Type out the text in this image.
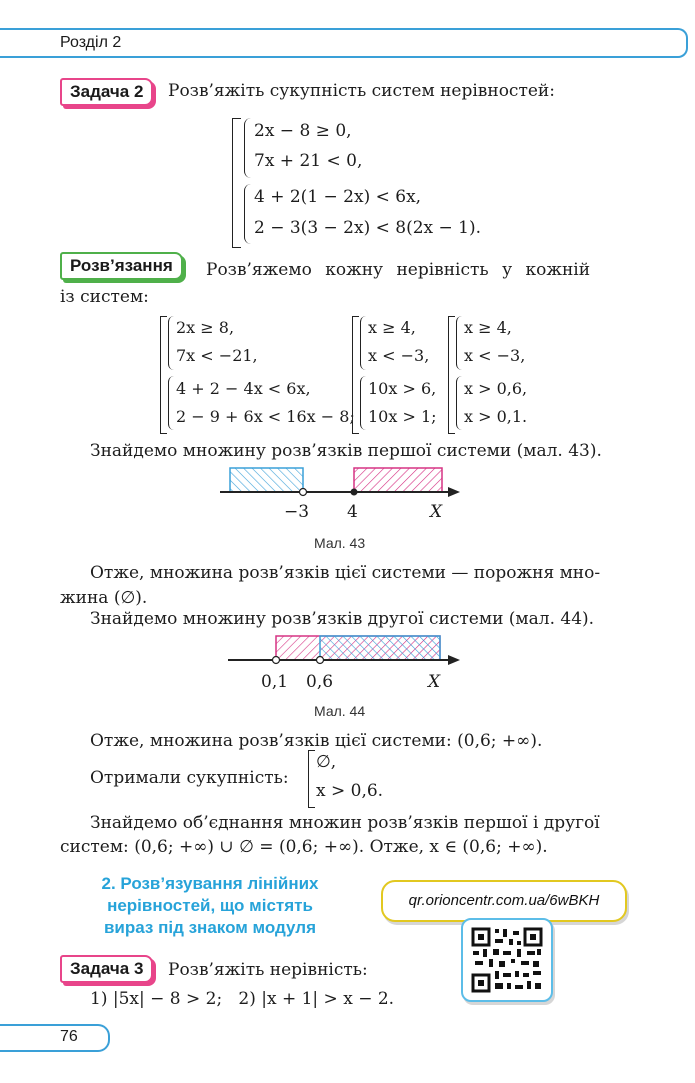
Розділ 2
Задача 2	Розв’яжіть сукупність систем нерівностей:
2x − 8 ≥ 0,
7x + 21 < 0,
4 + 2(1 − 2x) < 6x,
2 − 3(3 − 2x) < 8(2x − 1).
Розв’язання	Розв’яжемо кожну нерівність у кожній
із систем:
2x ≥ 8,
7x < −21,
4 + 2 − 4x < 6x,
2 − 9 + 6x < 16x − 8;
x ≥ 4,
x < −3,
10x > 6,
10x > 1;
x ≥ 4,
x < −3,
x > 0,6,
x > 0,1.
Знайдемо множину розв’язків першої системи (мал. 43).
−3 4	X
Мал. 43
Отже, множина розв’язків цієї системи — порожня мно-
жина (∅).
Знайдемо множину розв’язків другої системи (мал. 44).
0,1 0,6	X
Мал. 44
Отже, множина розв’язків цієї системи: (0,6; +∞).
Отримали сукупність:
∅,
x > 0,6.
Знайдемо об’єднання множин розв’язків першої і другої
систем: (0,6; +∞) ∪ ∅ = (0,6; +∞). Отже, x ∈ (0,6; +∞).
2. Розв’язування лінійних
нерівностей, що містять
вираз під знаком модуля
qr.orioncentr.com.ua/6wBKH
Задача 3	Розв’яжіть нерівність:
1) |5x| − 8 > 2;   2) |x + 1| > x − 2.
76
